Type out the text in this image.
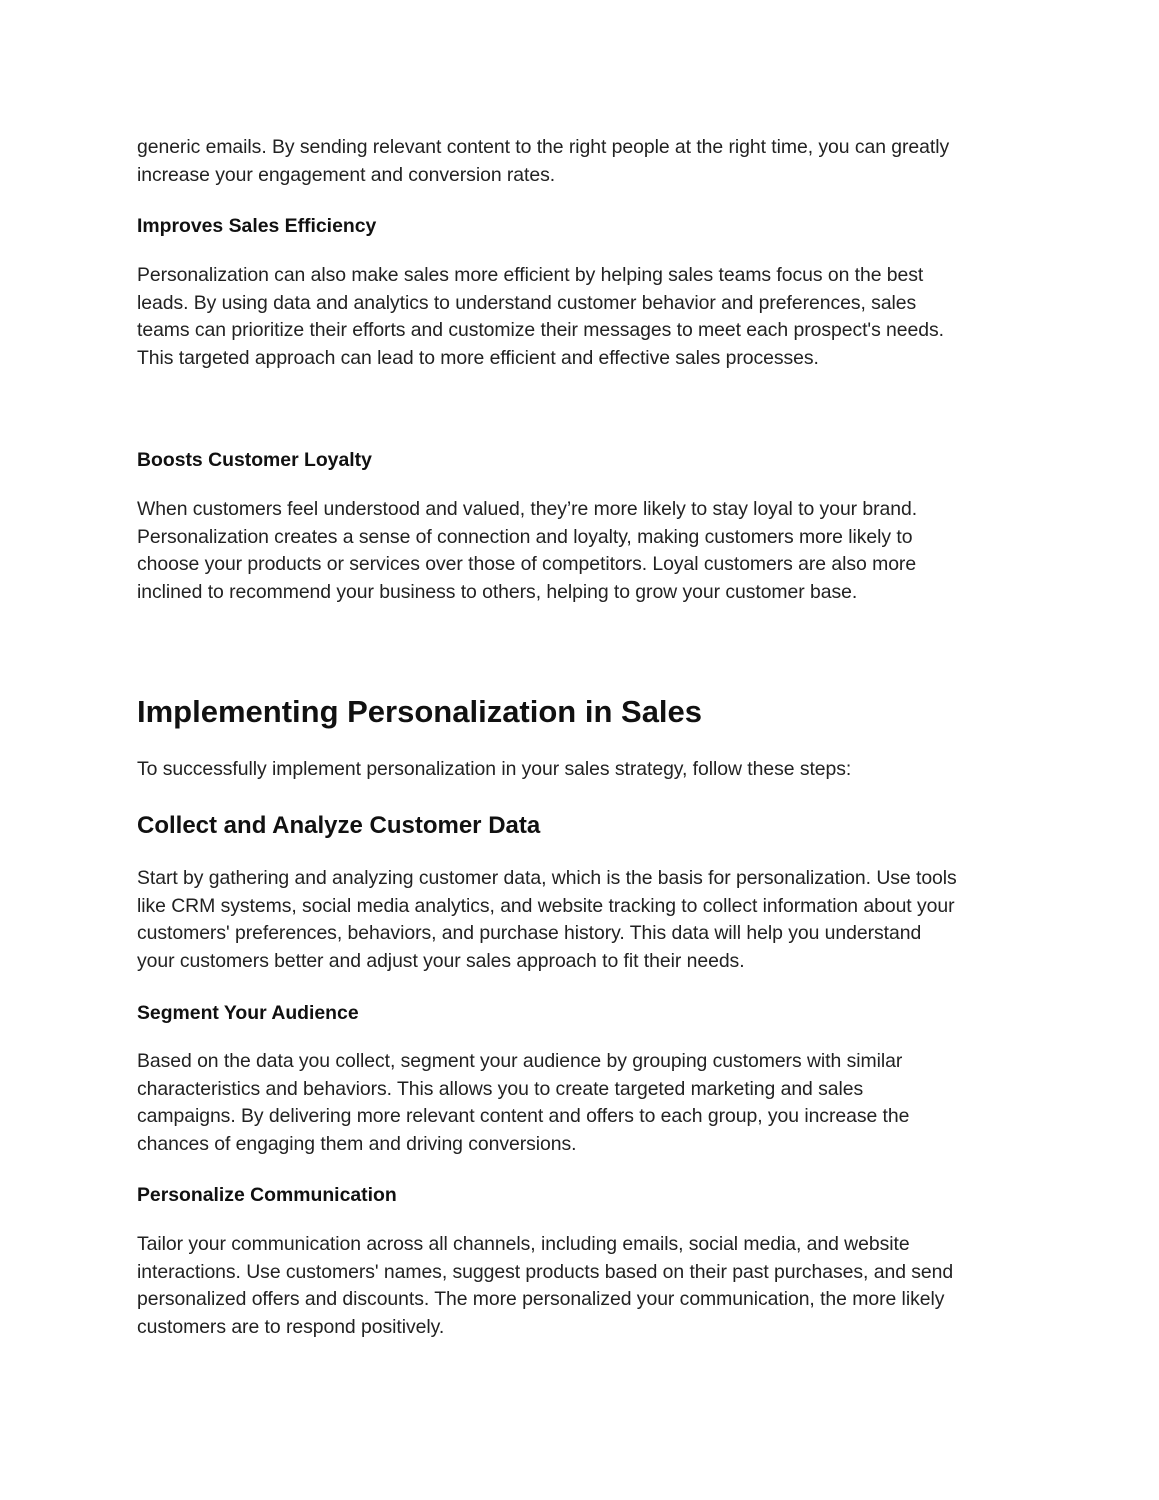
generic emails. By sending relevant content to the right people at the right time, you can greatly
increase your engagement and conversion rates.

Improves Sales Efficiency

Personalization can also make sales more efficient by helping sales teams focus on the best
leads. By using data and analytics to understand customer behavior and preferences, sales
teams can prioritize their efforts and customize their messages to meet each prospect's needs.
This targeted approach can lead to more efficient and effective sales processes.

Boosts Customer Loyalty

When customers feel understood and valued, they’re more likely to stay loyal to your brand.
Personalization creates a sense of connection and loyalty, making customers more likely to
choose your products or services over those of competitors. Loyal customers are also more
inclined to recommend your business to others, helping to grow your customer base.

Implementing Personalization in Sales

To successfully implement personalization in your sales strategy, follow these steps:

Collect and Analyze Customer Data

Start by gathering and analyzing customer data, which is the basis for personalization. Use tools
like CRM systems, social media analytics, and website tracking to collect information about your
customers' preferences, behaviors, and purchase history. This data will help you understand
your customers better and adjust your sales approach to fit their needs.

Segment Your Audience

Based on the data you collect, segment your audience by grouping customers with similar
characteristics and behaviors. This allows you to create targeted marketing and sales
campaigns. By delivering more relevant content and offers to each group, you increase the
chances of engaging them and driving conversions.

Personalize Communication

Tailor your communication across all channels, including emails, social media, and website
interactions. Use customers' names, suggest products based on their past purchases, and send
personalized offers and discounts. The more personalized your communication, the more likely
customers are to respond positively.
